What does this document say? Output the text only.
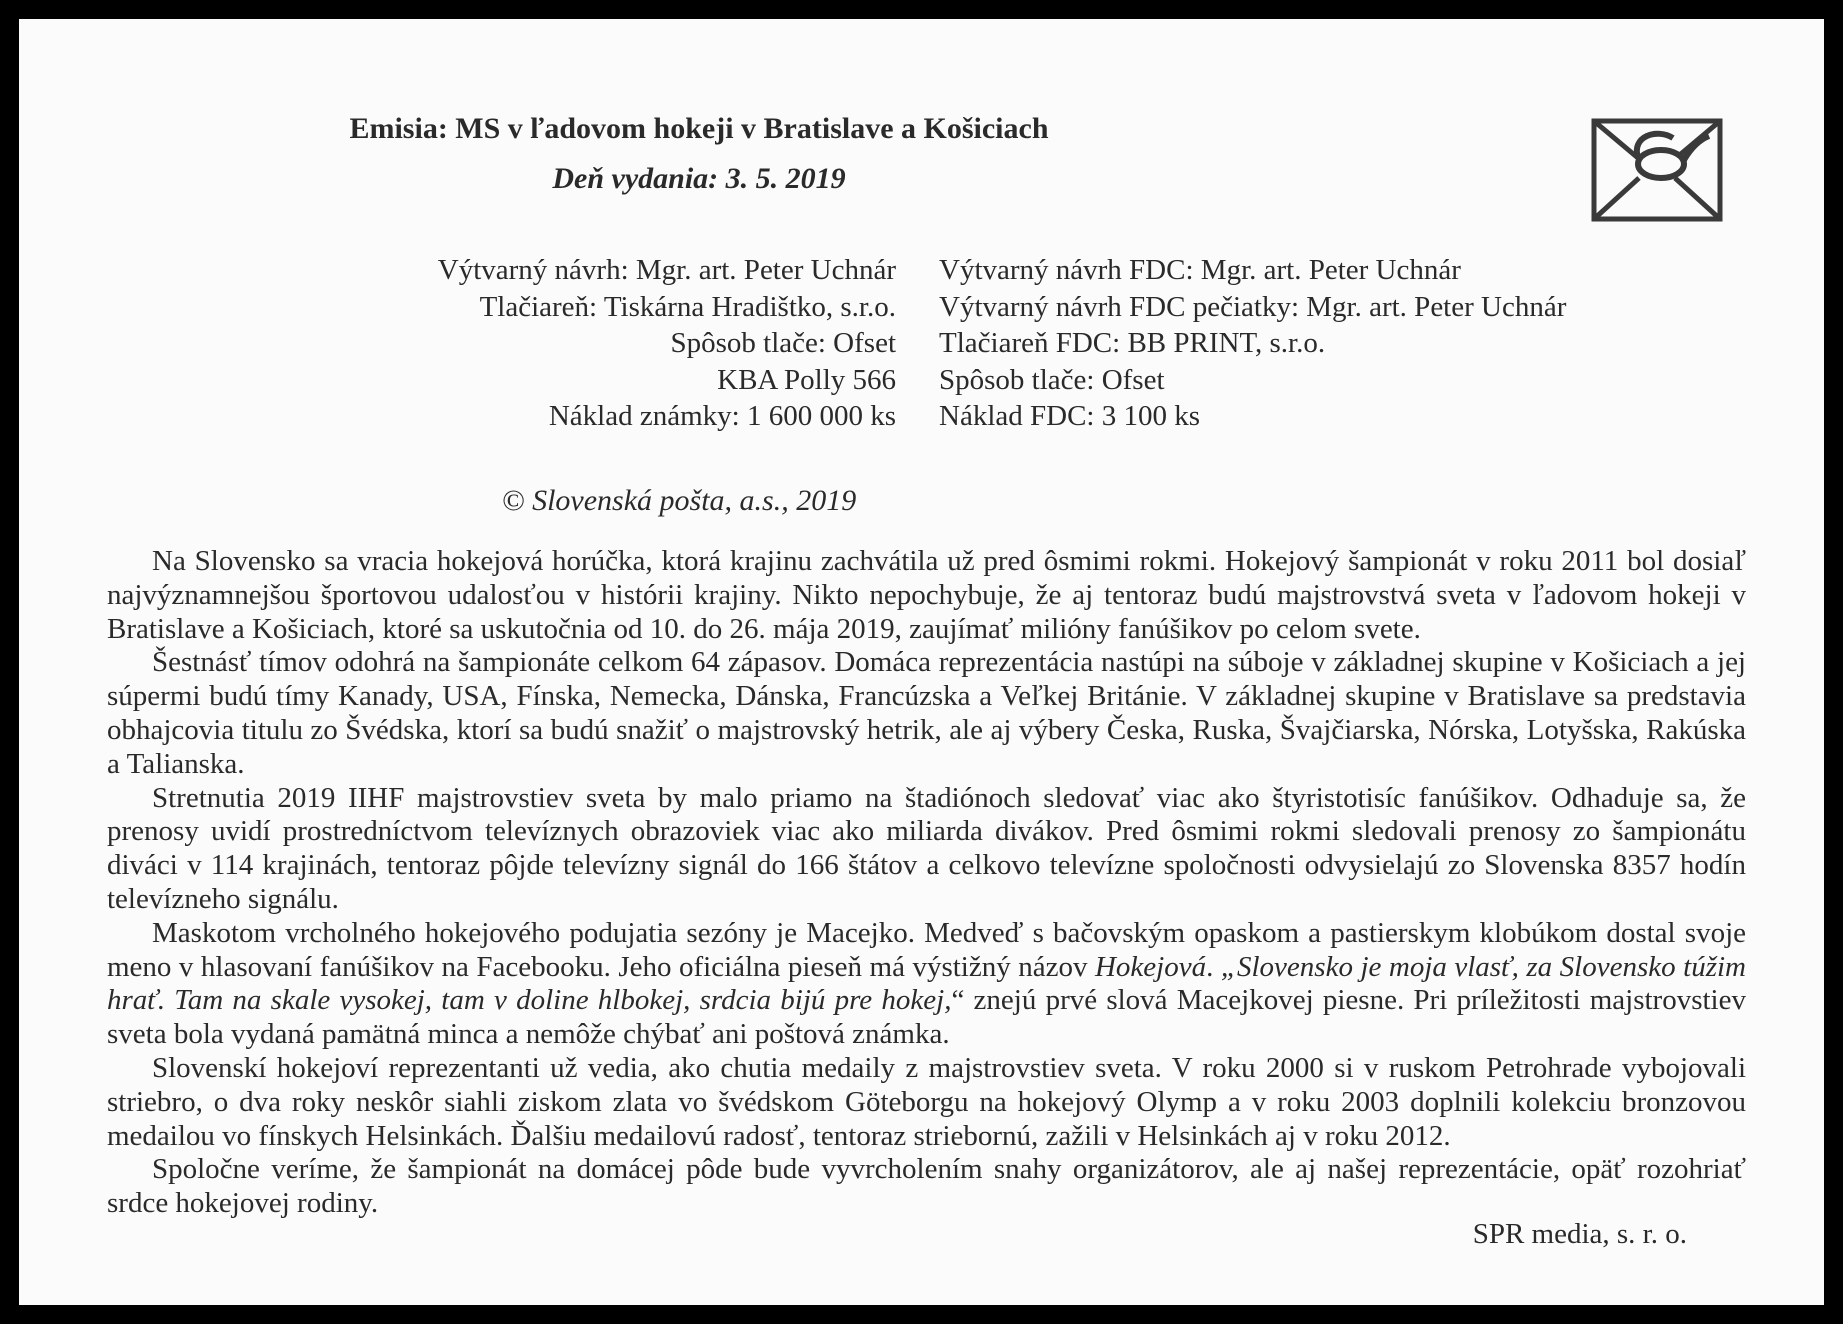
Emisia: MS v ľadovom hokeji v Bratislave a Košiciach
Deň vydania: 3. 5. 2019
Výtvarný návrh: Mgr. art. Peter Uchnár
Tlačiareň: Tiskárna Hradištko, s.r.o.
Spôsob tlače: Ofset
KBA Polly 566
Náklad známky: 1 600 000 ks
Výtvarný návrh FDC: Mgr. art. Peter Uchnár
Výtvarný návrh FDC pečiatky: Mgr. art. Peter Uchnár
Tlačiareň FDC: BB PRINT, s.r.o.
Spôsob tlače: Ofset
Náklad FDC: 3 100 ks
© Slovenská pošta, a.s., 2019

Na Slovensko sa vracia hokejová horúčka, ktorá krajinu zachvátila už pred ôsmimi rokmi. Hokejový šampionát v roku 2011 bol dosiaľ najvýznamnejšou športovou udalosťou v histórii krajiny. Nikto nepochybuje, že aj tentoraz budú majstrovstvá sveta v ľadovom hokeji v Bratislave a Košiciach, ktoré sa uskutočnia od 10. do 26. mája 2019, zaujímať milióny fanúšikov po celom svete.

Šestnásť tímov odohrá na šampionáte celkom 64 zápasov. Domáca reprezentácia nastúpi na súboje v základnej skupine v Košiciach a jej súpermi budú tímy Kanady, USA, Fínska, Nemecka, Dánska, Francúzska a Veľkej Británie. V základnej skupine v Bratislave sa predstavia obhajcovia titulu zo Švédska, ktorí sa budú snažiť o majstrovský hetrik, ale aj výbery Česka, Ruska, Švajčiarska, Nórska, Lotyšska, Rakúska a Talianska.

Stretnutia 2019 IIHF majstrovstiev sveta by malo priamo na štadiónoch sledovať viac ako štyristotisíc fanúšikov. Odhaduje sa, že prenosy uvidí prostredníctvom televíznych obrazoviek viac ako miliarda divákov. Pred ôsmimi rokmi sledovali prenosy zo šampionátu diváci v 114 krajinách, tentoraz pôjde televízny signál do 166 štátov a celkovo televízne spoločnosti odvysielajú zo Slovenska 8357 hodín televízneho signálu.

Maskotom vrcholného hokejového podujatia sezóny je Macejko. Medveď s bačovským opaskom a pastierskym klobúkom dostal svoje meno v hlasovaní fanúšikov na Facebooku. Jeho oficiálna pieseň má výstižný názov Hokejová. „Slovensko je moja vlasť, za Slovensko túžim hrať. Tam na skale vysokej, tam v doline hlbokej, srdcia bijú pre hokej,“ znejú prvé slová Macejkovej piesne. Pri príležitosti majstrovstiev sveta bola vydaná pamätná minca a nemôže chýbať ani poštová známka.

Slovenskí hokejoví reprezentanti už vedia, ako chutia medaily z majstrovstiev sveta. V roku 2000 si v ruskom Petrohrade vybojovali striebro, o dva roky neskôr siahli ziskom zlata vo švédskom Göteborgu na hokejový Olymp a v roku 2003 doplnili kolekciu bronzovou medailou vo fínskych Helsinkách. Ďalšiu medailovú radosť, tentoraz striebornú, zažili v Helsinkách aj v roku 2012.

Spoločne veríme, že šampionát na domácej pôde bude vyvrcholením snahy organizátorov, ale aj našej reprezentácie, opäť rozohriať srdce hokejovej rodiny.

SPR media, s. r. o.
